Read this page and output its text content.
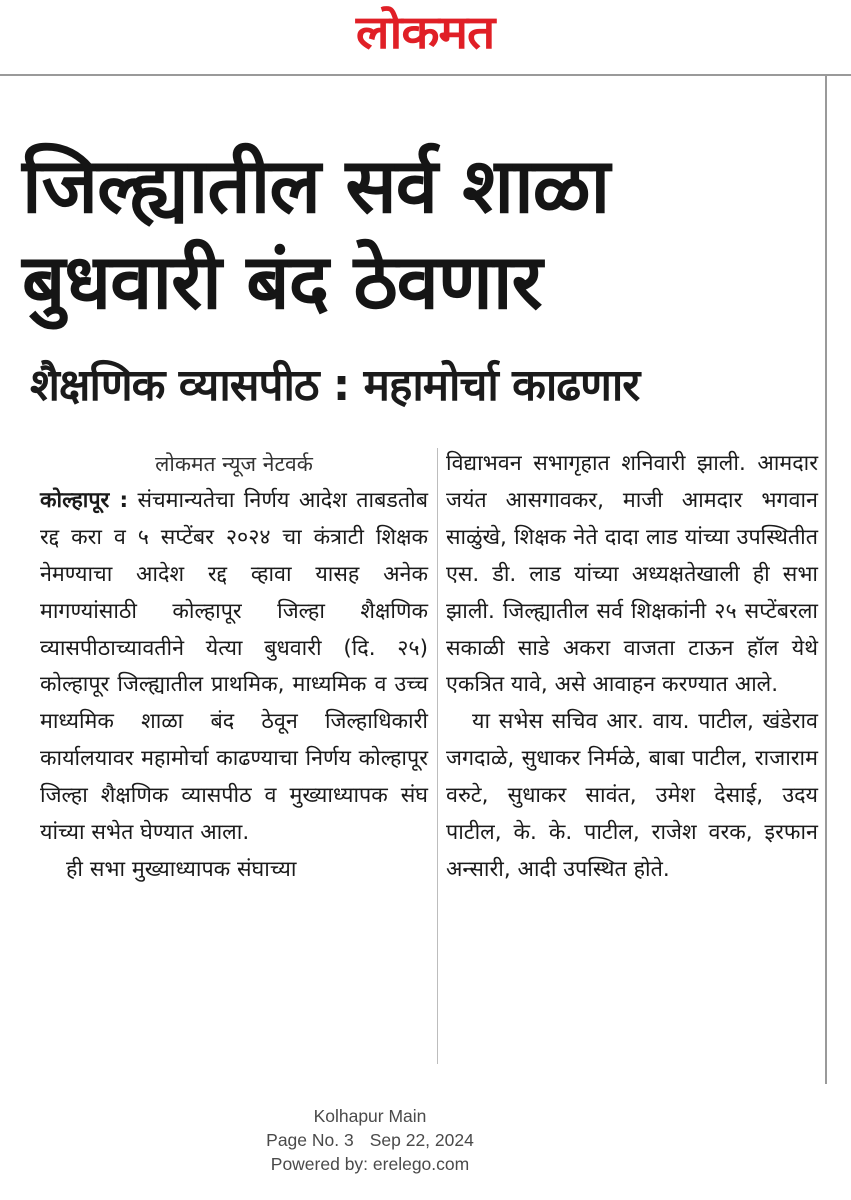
लोकमत
जिल्ह्यातील सर्व शाळा
बुधवारी बंद ठेवणार
शैक्षणिक व्यासपीठ : महामोर्चा काढणार
लोकमत न्यूज नेटवर्क

कोल्हापूर : संचमान्यतेचा निर्णय आदेश ताबडतोब रद्द करा व ५ सप्टेंबर २०२४ चा कंत्राटी शिक्षक नेमण्याचा आदेश रद्द व्हावा यासह अनेक मागण्यांसाठी कोल्हापूर जिल्हा शैक्षणिक व्यासपीठाच्यावतीने येत्या बुधवारी (दि. २५) कोल्हापूर जिल्ह्यातील प्राथमिक, माध्यमिक व उच्च माध्यमिक शाळा बंद ठेवून जिल्हाधिकारी कार्यालयावर महामोर्चा काढण्याचा निर्णय कोल्हापूर जिल्हा शैक्षणिक व्यासपीठ व मुख्याध्यापक संघ यांच्या सभेत घेण्यात आला.

ही सभा मुख्याध्यापक संघाच्या

विद्याभवन सभागृहात शनिवारी झाली. आमदार जयंत आसगावकर, माजी आमदार भगवान साळुंखे, शिक्षक नेते दादा लाड यांच्या उपस्थितीत एस. डी. लाड यांच्या अध्यक्षतेखाली ही सभा झाली. जिल्ह्यातील सर्व शिक्षकांनी २५ सप्टेंबरला सकाळी साडे अकरा वाजता टाऊन हॉल येथे एकत्रित यावे, असे आवाहन करण्यात आले.

या सभेस सचिव आर. वाय. पाटील, खंडेराव जगदाळे, सुधाकर निर्मळे, बाबा पाटील, राजाराम वरुटे, सुधाकर सावंत, उमेश देसाई, उदय पाटील, के. के. पाटील, राजेश वरक, इरफान अन्सारी, आदी उपस्थित होते.

Kolhapur Main
Page No. 3 Sep 22, 2024
Powered by: erelego.com
